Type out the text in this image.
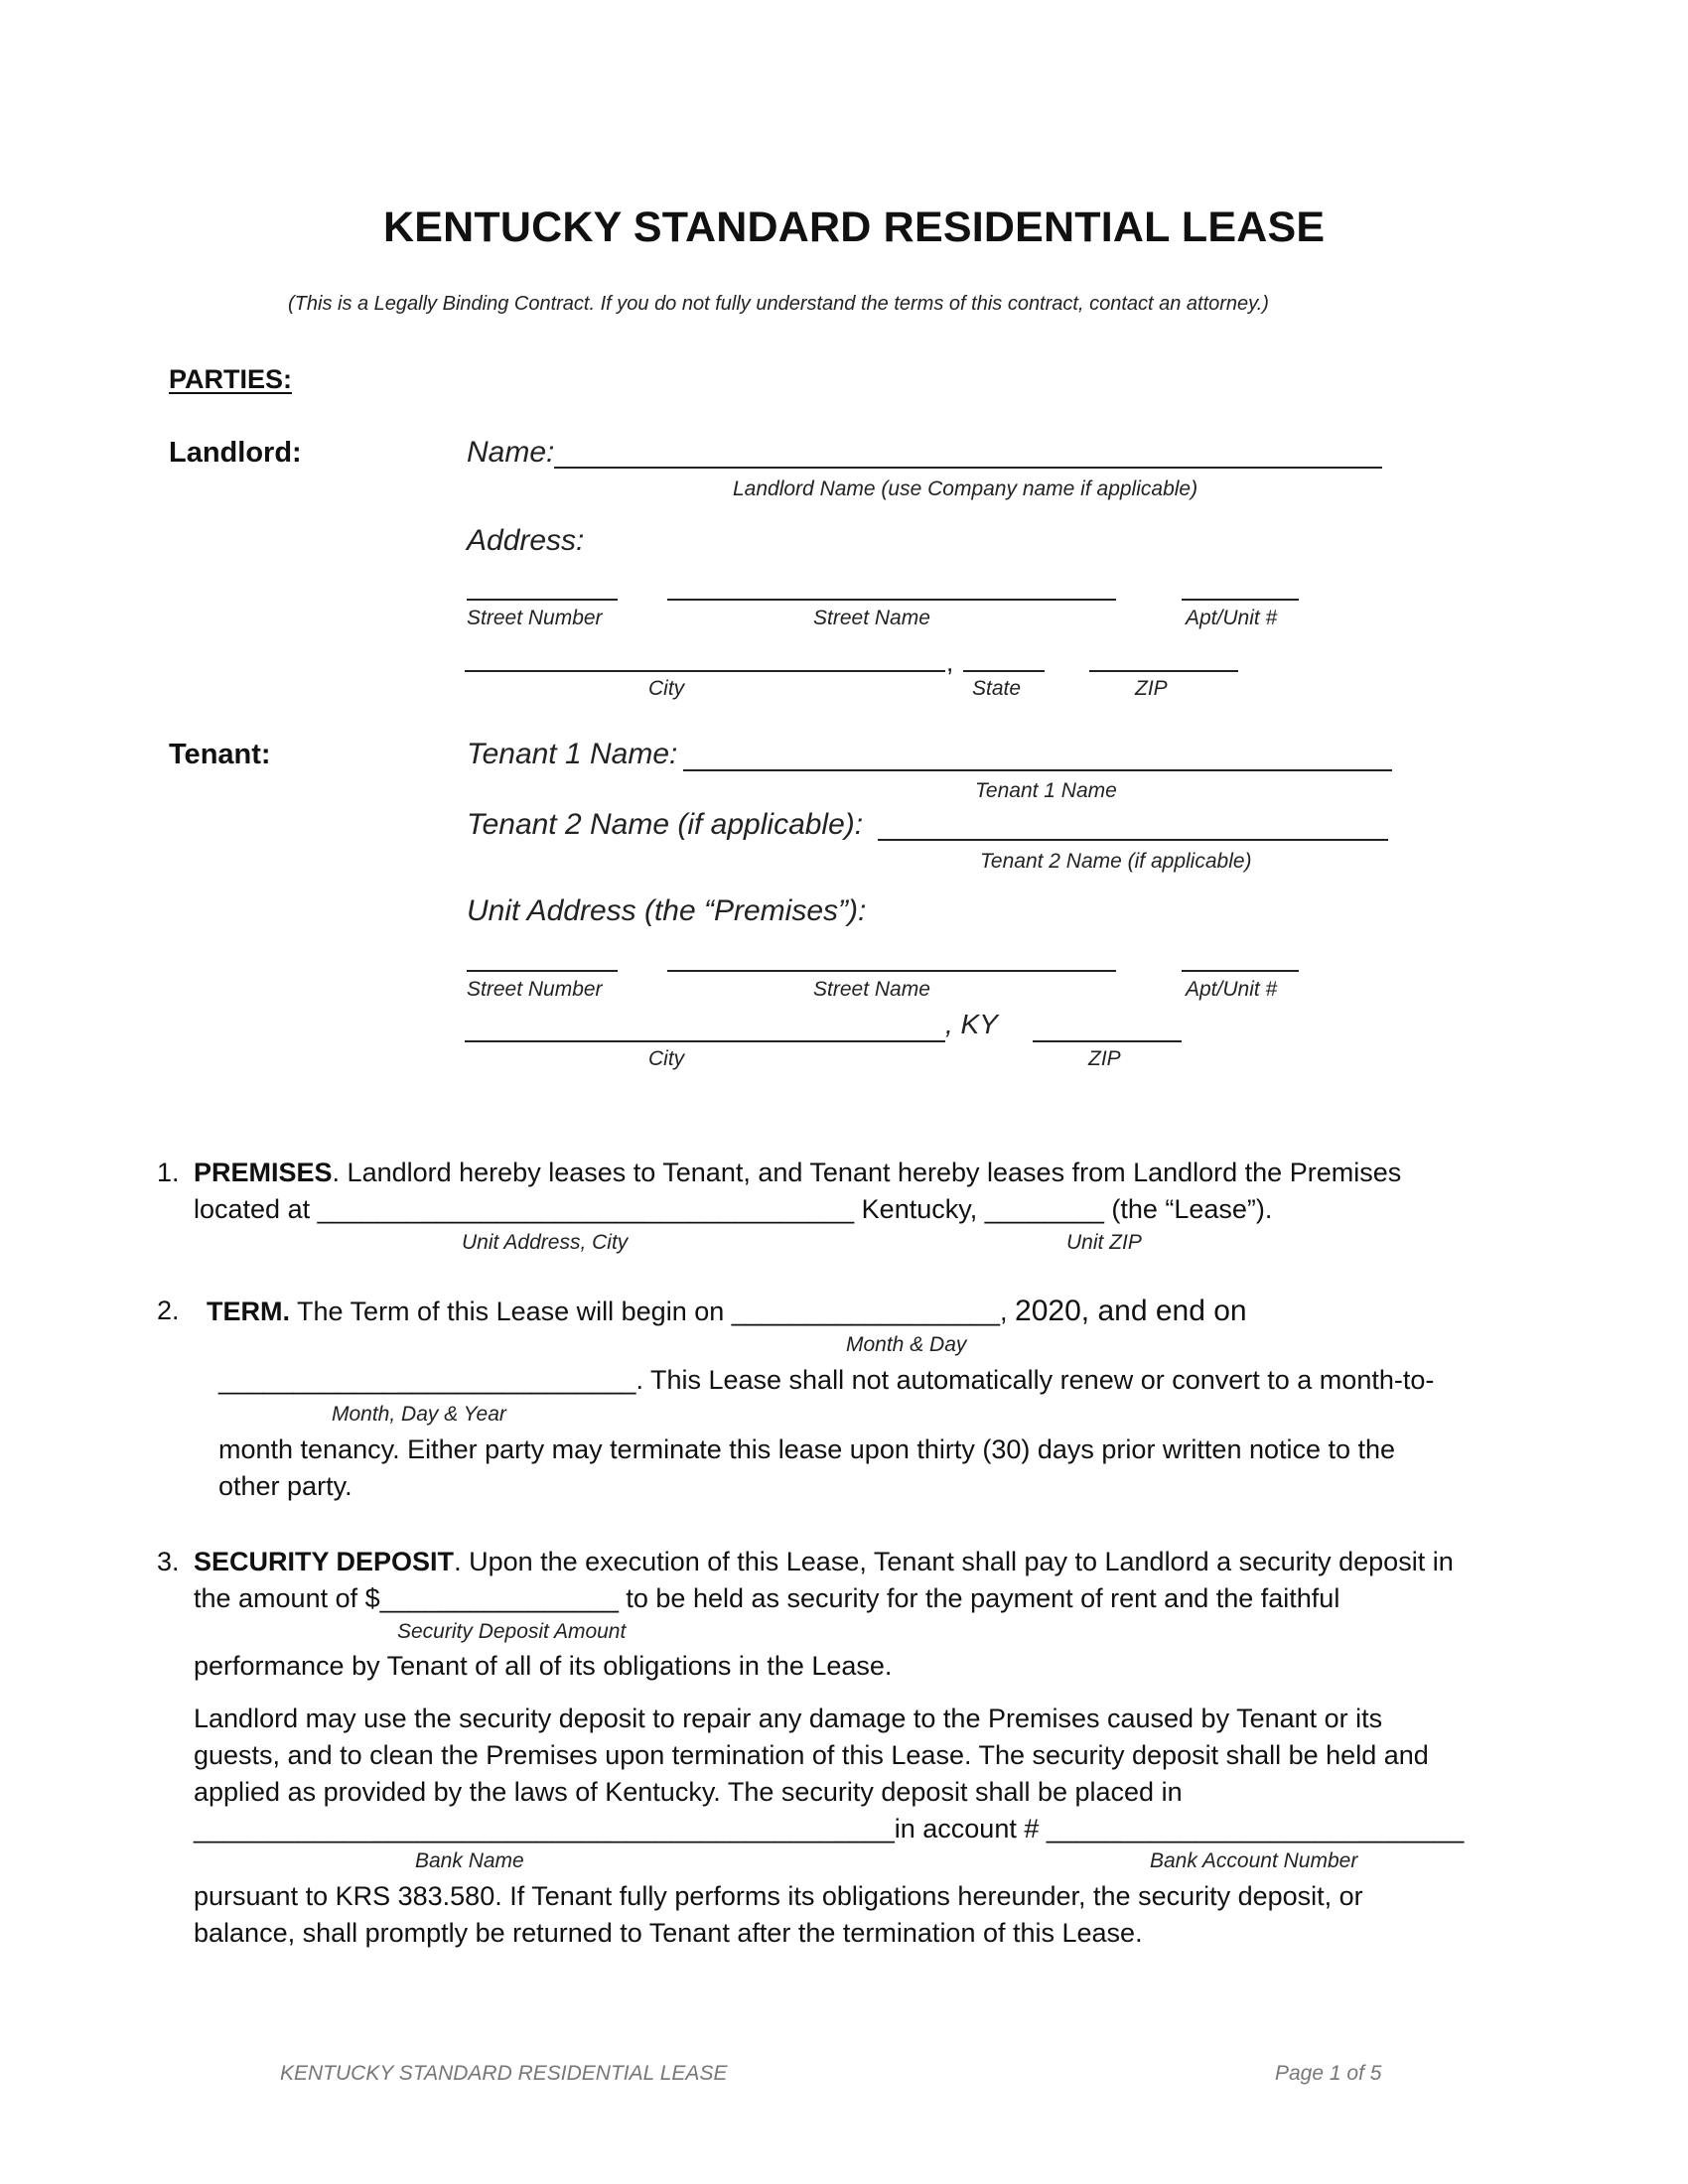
KENTUCKY STANDARD RESIDENTIAL LEASE
(This is a Legally Binding Contract. If you do not fully understand the terms of this contract, contact an attorney.)
PARTIES:
Landlord:	Name:
Landlord Name (use Company name if applicable)
Address:
Street Number	Street Name	Apt/Unit #
,
City	State	ZIP
Tenant:	Tenant 1 Name:
Tenant 1 Name
Tenant 2 Name (if applicable):
Tenant 2 Name (if applicable)
Unit Address (the “Premises”):
Street Number	Street Name	Apt/Unit #
, KY
City	ZIP
1. PREMISES. Landlord hereby leases to Tenant, and Tenant hereby leases from Landlord the Premises
located at ____________________________________ Kentucky, ________ (the “Lease”).
Unit Address, City	Unit ZIP
2. TERM. The Term of this Lease will begin on __________________, 2020, and end on
Month & Day
____________________________. This Lease shall not automatically renew or convert to a month-to-
Month, Day & Year
month tenancy. Either party may terminate this lease upon thirty (30) days prior written notice to the
other party.
3. SECURITY DEPOSIT. Upon the execution of this Lease, Tenant shall pay to Landlord a security deposit in
the amount of $________________ to be held as security for the payment of rent and the faithful
Security Deposit Amount
performance by Tenant of all of its obligations in the Lease.
Landlord may use the security deposit to repair any damage to the Premises caused by Tenant or its
guests, and to clean the Premises upon termination of this Lease. The security deposit shall be held and
applied as provided by the laws of Kentucky. The security deposit shall be placed in
_______________________________________________in account # ____________________________
Bank Name	Bank Account Number
pursuant to KRS 383.580. If Tenant fully performs its obligations hereunder, the security deposit, or
balance, shall promptly be returned to Tenant after the termination of this Lease.
KENTUCKY STANDARD RESIDENTIAL LEASE	Page 1 of 5
